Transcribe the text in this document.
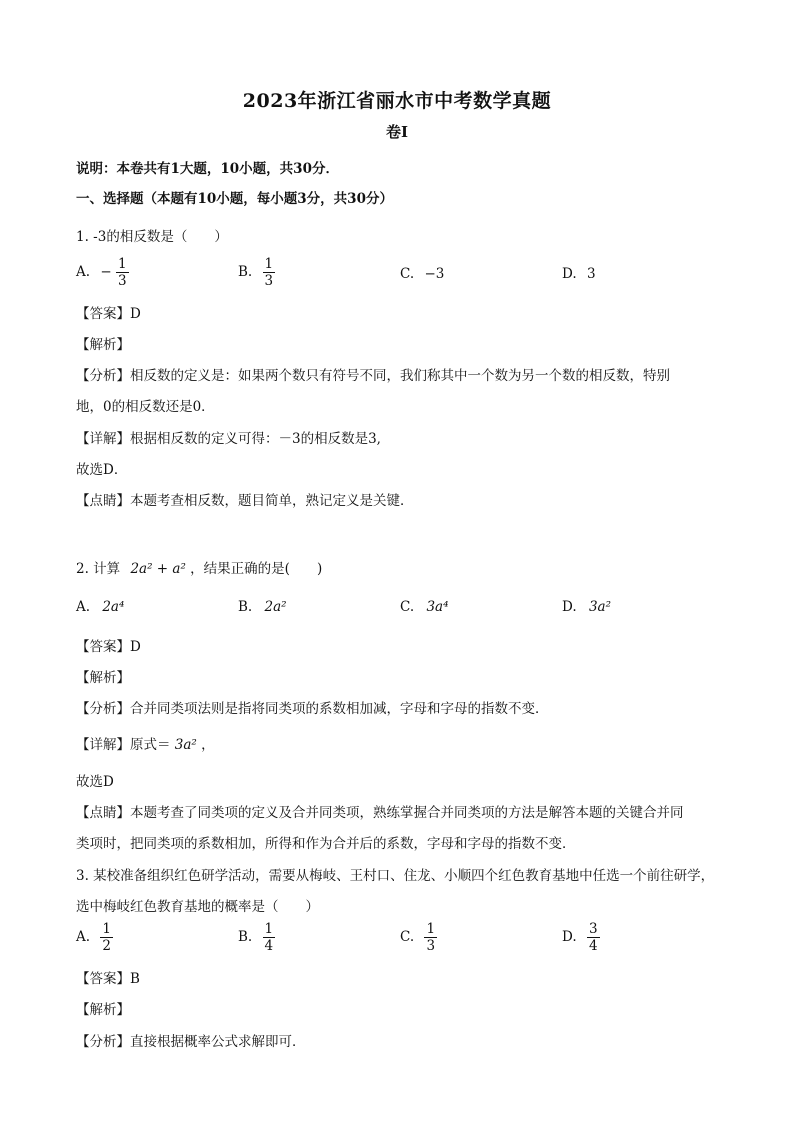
2023年浙江省丽水市中考数学真题
卷Ⅰ
说明：本卷共有1大题，10小题，共30分．
一、选择题（本题有10小题，每小题3分，共30分）
1. -3的相反数是（　　）
A. − $\frac{1}{3}$	B. $\frac{1}{3}$	C. −3	D. 3
【答案】D
【解析】
【分析】相反数的定义是：如果两个数只有符号不同，我们称其中一个数为另一个数的相反数，特别
地，0的相反数还是0．
【详解】根据相反数的定义可得：－3的相反数是3,
故选D．
【点睛】本题考查相反数，题目简单，熟记定义是关键．
2. 计算 2a² + a² ，结果正确的是(　　)
A. 2a⁴	B. 2a²	C. 3a⁴	D. 3a²
【答案】D
【解析】
【分析】合并同类项法则是指将同类项的系数相加减，字母和字母的指数不变．
【详解】原式＝ 3a² ，
故选D
【点睛】本题考查了同类项的定义及合并同类项，熟练掌握合并同类项的方法是解答本题的关键合并同
类项时，把同类项的系数相加，所得和作为合并后的系数，字母和字母的指数不变．
3. 某校准备组织红色研学活动，需要从梅岐、王村口、住龙、小顺四个红色教育基地中任选一个前往研学，
选中梅岐红色教育基地的概率是（　　）
A. $\frac{1}{2}$	B. $\frac{1}{4}$	C. $\frac{1}{3}$	D. $\frac{3}{4}$
【答案】B
【解析】
【分析】直接根据概率公式求解即可．
